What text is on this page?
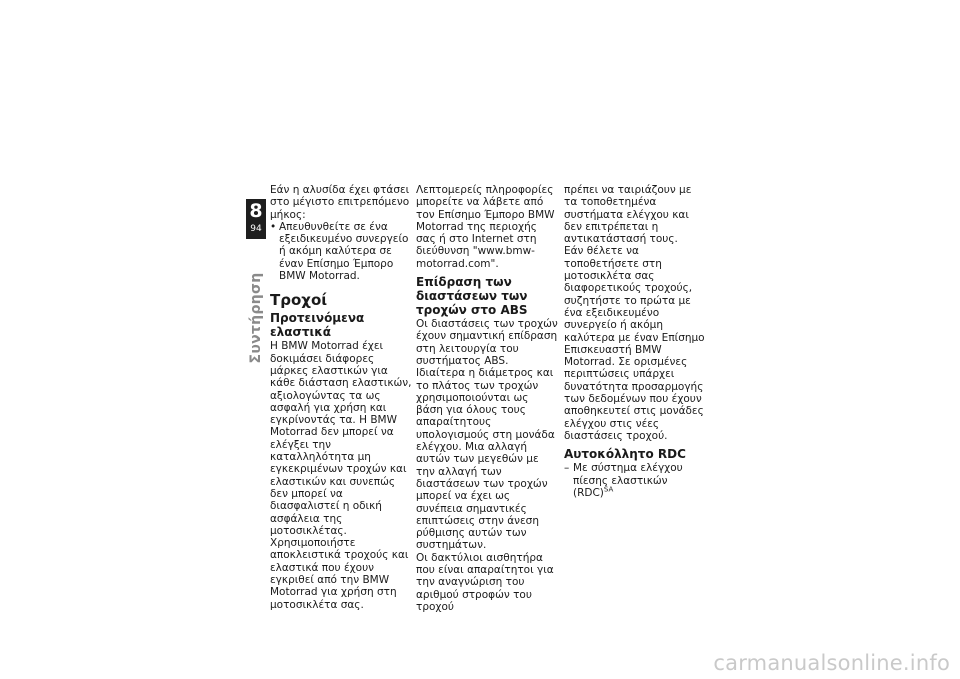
8
94
Συντήρηση

Εάν η αλυσίδα έχει φτάσει στο μέγιστο επιτρεπόμενο μήκος:

• Απευθυνθείτε σε ένα εξειδικευμένο συνεργείο ή ακόμη καλύτερα σε έναν Επίσημο Έμπορο BMW Motorrad.

Τροχοί
Προτεινόμενα ελαστικά

Η BMW Motorrad έχει δοκιμάσει διάφορες μάρκες ελαστικών για κάθε διάσταση ελαστικών, αξιολογώντας τα ως ασφαλή για χρήση και εγκρίνοντάς τα. Η BMW Motorrad δεν μπορεί να ελέγξει την καταλληλότητα μη εγκεκριμένων τροχών και ελαστικών και συνεπώς δεν μπορεί να διασφαλιστεί η οδική ασφάλεια της μοτοσικλέτας.

Χρησιμοποιήστε αποκλειστικά τροχούς και ελαστικά που έχουν εγκριθεί από την BMW Motorrad για χρήση στη μοτοσικλέτα σας.

Λεπτομερείς πληροφορίες μπορείτε να λάβετε από τον Επίσημο Έμπορο BMW Motorrad της περιοχής σας ή στο Internet στη διεύθυνση "www.bmw-motorrad.com".

Επίδραση των διαστάσεων των τροχών στο ABS

Οι διαστάσεις των τροχών έχουν σημαντική επίδραση στη λειτουργία του συστήματος ABS. Ιδιαίτερα η διάμετρος και το πλάτος των τροχών χρησιμοποιούνται ως βάση για όλους τους απαραίτητους υπολογισμούς στη μονάδα ελέγχου. Μια αλλαγή αυτών των μεγεθών με την αλλαγή των διαστάσεων των τροχών μπορεί να έχει ως συνέπεια σημαντικές επιπτώσεις στην άνεση ρύθμισης αυτών των συστημάτων.

Οι δακτύλιοι αισθητήρα που είναι απαραίτητοι για την αναγνώριση του αριθμού στροφών του τροχού

πρέπει να ταιριάζουν με τα τοποθετημένα συστήματα ελέγχου και δεν επιτρέπεται η αντικατάστασή τους.

Εάν θέλετε να τοποθετήσετε στη μοτοσικλέτα σας διαφορετικούς τροχούς, συζητήστε το πρώτα με ένα εξειδικευμένο συνεργείο ή ακόμη καλύτερα με έναν Επίσημο Επισκευαστή BMW Motorrad. Σε ορισμένες περιπτώσεις υπάρχει δυνατότητα προσαρμογής των δεδομένων που έχουν αποθηκευτεί στις μονάδες ελέγχου στις νέες διαστάσεις τροχού.

Αυτοκόλλητο RDC

– Με σύστημα ελέγχου πίεσης ελαστικών (RDC)$^{SA}$

carmanualsonline.info
